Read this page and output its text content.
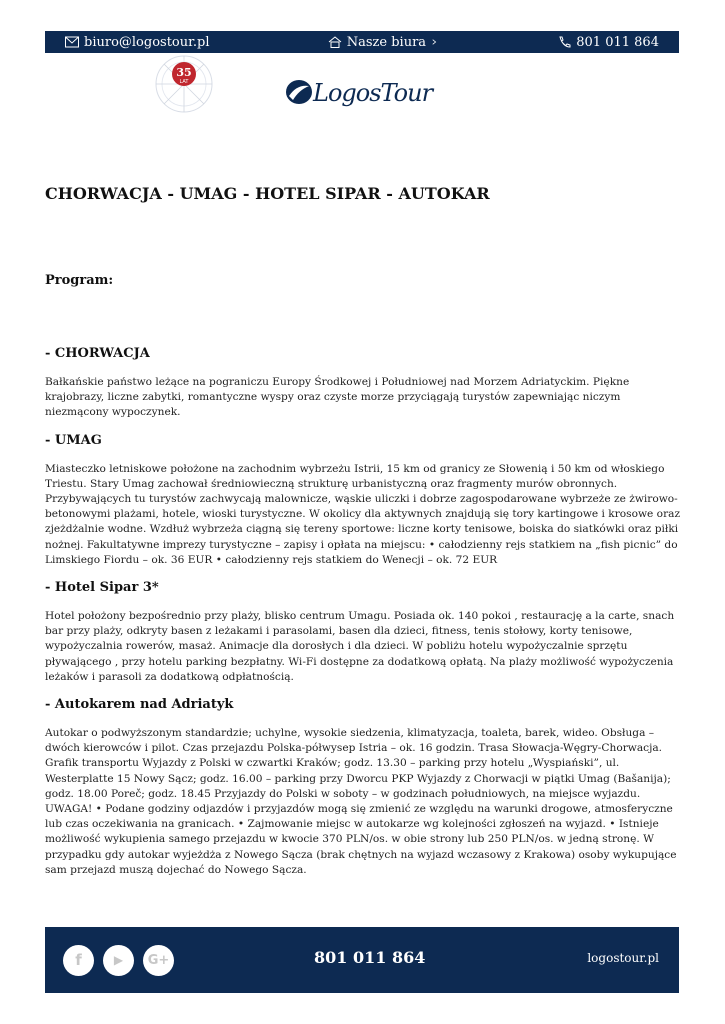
biuro@logostour.pl	Nasze biura	801 011 864
35
LAT	LogosTour
CHORWACJA - UMAG - HOTEL SIPAR - AUTOKAR
Program:
- CHORWACJA

Bałkańskie państwo leżące na pograniczu Europy Środkowej i Południowej nad Morzem Adriatyckim. Piękne krajobrazy, liczne zabytki, romantyczne wyspy oraz czyste morze przyciągają turystów zapewniając niczym niezmącony wypoczynek.

- UMAG

Miasteczko letniskowe położone na zachodnim wybrzeżu Istrii, 15 km od granicy ze Słowenią i 50 km od włoskiego Triestu. Stary Umag zachował średniowieczną strukturę urbanistyczną oraz fragmenty murów obronnych. Przybywających tu turystów zachwycają malownicze, wąskie uliczki i dobrze zagospodarowane wybrzeże ze żwirowo-betonowymi plażami, hotele, wioski turystyczne. W okolicy dla aktywnych znajdują się tory kartingowe i krosowe oraz zjeżdżalnie wodne. Wzdłuż wybrzeża ciągną się tereny sportowe: liczne korty tenisowe, boiska do siatkówki oraz piłki nożnej. Fakultatywne imprezy turystyczne – zapisy i opłata na miejscu: • całodzienny rejs statkiem na „fish picnic” do Limskiego Fiordu – ok. 36 EUR • całodzienny rejs statkiem do Wenecji – ok. 72 EUR

- Hotel Sipar 3*

Hotel położony bezpośrednio przy plaży, blisko centrum Umagu. Posiada ok. 140 pokoi , restaurację a la carte, snach bar przy plaży, odkryty basen z leżakami i parasolami, basen dla dzieci, fitness, tenis stołowy, korty tenisowe, wypożyczalnia rowerów, masaż. Animacje dla dorosłych i dla dzieci. W pobliżu hotelu wypożyczalnie sprzętu pływającego , przy hotelu parking bezpłatny. Wi-Fi dostępne za dodatkową opłatą. Na plaży możliwość wypożyczenia leżaków i parasoli za dodatkową odpłatnością.

- Autokarem nad Adriatyk

Autokar o podwyższonym standardzie; uchylne, wysokie siedzenia, klimatyzacja, toaleta, barek, wideo. Obsługa – dwóch kierowców i pilot. Czas przejazdu Polska-półwysep Istria – ok. 16 godzin. Trasa Słowacja-Węgry-Chorwacja. Grafik transportu Wyjazdy z Polski w czwartki Kraków; godz. 13.30 – parking przy hotelu „Wyspiański”, ul. Westerplatte 15 Nowy Sącz; godz. 16.00 – parking przy Dworcu PKP Wyjazdy z Chorwacji w piątki Umag (Bašanija); godz. 18.00 Poreč; godz. 18.45 Przyjazdy do Polski w soboty – w godzinach południowych, na miejsce wyjazdu. UWAGA! • Podane godziny odjazdów i przyjazdów mogą się zmienić ze względu na warunki drogowe, atmosferyczne lub czas oczekiwania na granicach. • Zajmowanie miejsc w autokarze wg kolejności zgłoszeń na wyjazd. • Istnieje możliwość wykupienia samego przejazdu w kwocie 370 PLN/os. w obie strony lub 250 PLN/os. w jedną stronę. W przypadku gdy autokar wyjeżdża z Nowego Sącza (brak chętnych na wyjazd wczasowy z Krakowa) osoby wykupujące sam przejazd muszą dojechać do Nowego Sącza.

f	▶	G+	801 011 864	logostour.pl
